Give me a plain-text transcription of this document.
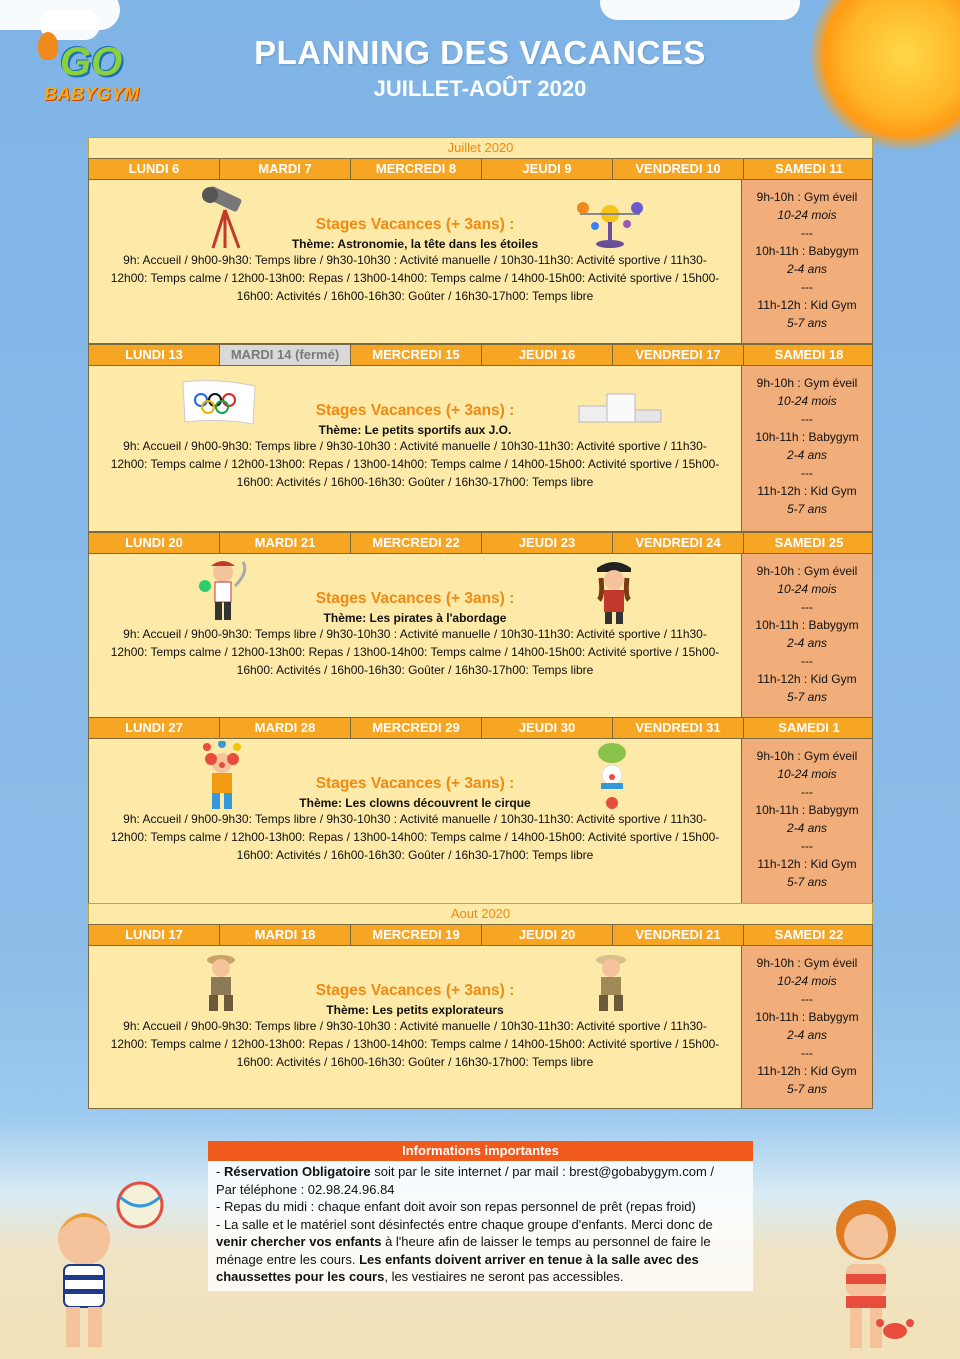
GO
BABYGYM
PLANNING DES VACANCES
JUILLET-AOÛT 2020
Juillet 2020
LUNDI 6	MARDI 7	MERCREDI 8	JEUDI 9	VENDREDI 10	SAMEDI 11
Stages Vacances (+ 3ans) :
Thème: Astronomie, la tête dans les étoiles
9h: Accueil / 9h00-9h30: Temps libre / 9h30-10h30 : Activité manuelle / 10h30-11h30: Activité sportive / 11h30-
12h00: Temps calme / 12h00-13h00: Repas / 13h00-14h00: Temps calme / 14h00-15h00: Activité sportive / 15h00-
16h00: Activités / 16h00-16h30: Goûter / 16h30-17h00: Temps libre
9h-10h : Gym éveil
10-24 mois
---
10h-11h : Babygym
2-4 ans
---
11h-12h : Kid Gym
5-7 ans
LUNDI 13	MARDI 14 (fermé)	MERCREDI 15	JEUDI 16	VENDREDI 17	SAMEDI 18
Stages Vacances (+ 3ans) :
Thème: Le petits sportifs aux J.O.
9h: Accueil / 9h00-9h30: Temps libre / 9h30-10h30 : Activité manuelle / 10h30-11h30: Activité sportive / 11h30-
12h00: Temps calme / 12h00-13h00: Repas / 13h00-14h00: Temps calme / 14h00-15h00: Activité sportive / 15h00-
16h00: Activités / 16h00-16h30: Goûter / 16h30-17h00: Temps libre
9h-10h : Gym éveil
10-24 mois
---
10h-11h : Babygym
2-4 ans
---
11h-12h : Kid Gym
5-7 ans
LUNDI 20	MARDI 21	MERCREDI 22	JEUDI 23	VENDREDI 24	SAMEDI 25
Stages Vacances (+ 3ans) :
Thème: Les pirates à l'abordage
9h: Accueil / 9h00-9h30: Temps libre / 9h30-10h30 : Activité manuelle / 10h30-11h30: Activité sportive / 11h30-
12h00: Temps calme / 12h00-13h00: Repas / 13h00-14h00: Temps calme / 14h00-15h00: Activité sportive / 15h00-
16h00: Activités / 16h00-16h30: Goûter / 16h30-17h00: Temps libre
9h-10h : Gym éveil
10-24 mois
---
10h-11h : Babygym
2-4 ans
---
11h-12h : Kid Gym
5-7 ans
LUNDI 27	MARDI 28	MERCREDI 29	JEUDI 30	VENDREDI 31	SAMEDI 1
Stages Vacances (+ 3ans) :
Thème: Les clowns découvrent le cirque
9h: Accueil / 9h00-9h30: Temps libre / 9h30-10h30 : Activité manuelle / 10h30-11h30: Activité sportive / 11h30-
12h00: Temps calme / 12h00-13h00: Repas / 13h00-14h00: Temps calme / 14h00-15h00: Activité sportive / 15h00-
16h00: Activités / 16h00-16h30: Goûter / 16h30-17h00: Temps libre
9h-10h : Gym éveil
10-24 mois
---
10h-11h : Babygym
2-4 ans
---
11h-12h : Kid Gym
5-7 ans
Aout 2020
LUNDI 17	MARDI 18	MERCREDI 19	JEUDI 20	VENDREDI 21	SAMEDI 22
Stages Vacances (+ 3ans) :
Thème: Les petits explorateurs
9h: Accueil / 9h00-9h30: Temps libre / 9h30-10h30 : Activité manuelle / 10h30-11h30: Activité sportive / 11h30-
12h00: Temps calme / 12h00-13h00: Repas / 13h00-14h00: Temps calme / 14h00-15h00: Activité sportive / 15h00-
16h00: Activités / 16h00-16h30: Goûter / 16h30-17h00: Temps libre
9h-10h : Gym éveil
10-24 mois
---
10h-11h : Babygym
2-4 ans
---
11h-12h : Kid Gym
5-7 ans
Informations importantes
- Réservation Obligatoire soit par le site internet / par mail : brest@gobabygym.com /
Par téléphone : 02.98.24.96.84
- Repas du midi : chaque enfant doit avoir son repas personnel de prêt (repas froid)
- La salle et le matériel sont désinfectés entre chaque groupe d'enfants. Merci donc de venir chercher vos enfants à l'heure afin de laisser le temps au personnel de faire le ménage entre les cours. Les enfants doivent arriver en tenue à la salle avec des chaussettes pour les cours, les vestiaires ne seront pas accessibles.
